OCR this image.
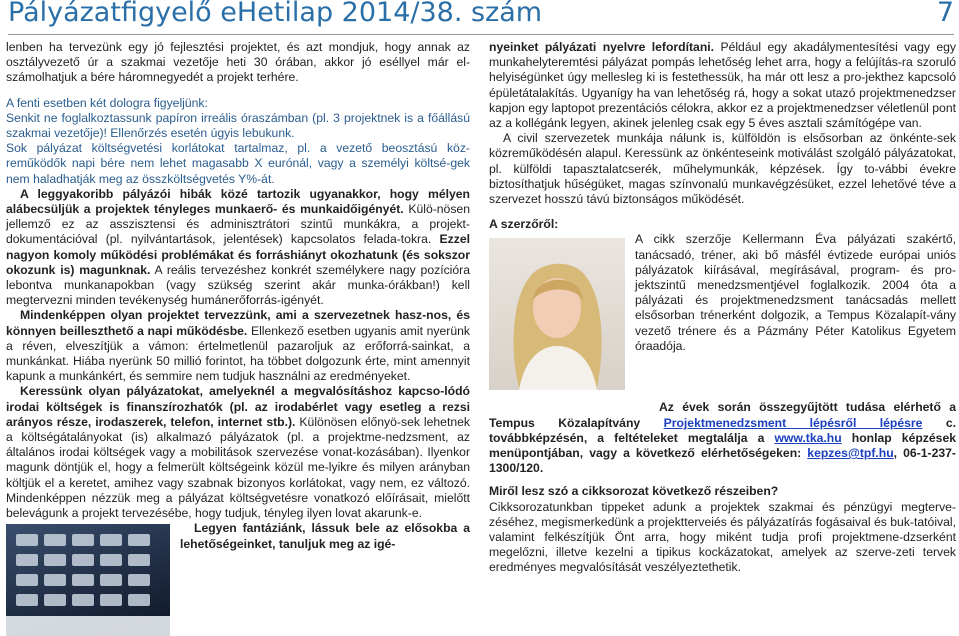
Pályázatfigyelő eHetilap 2014/38. szám	7

lenben ha tervezünk egy jó fejlesztési projektet, és azt mondjuk, hogy annak az osztályvezető úr a szakmai vezetője heti 30 órában, akkor jó eséllyel már el-számolhatjuk a bére háromnegyedét a projekt terhére.

A fenti esetben két dologra figyeljünk:

Senkit ne foglalkoztassunk papíron irreális óraszámban (pl. 3 projektnek is a főállású szakmai vezetője)! Ellenőrzés esetén úgyis lebukunk.

Sok pályázat költségvetési korlátokat tartalmaz, pl. a vezető beosztású köz-reműködők napi bére nem lehet magasabb X eurónál, vagy a személyi költsé-gek nem haladhatják meg az összköltségvetés Y%-át.

A leggyakoribb pályázói hibák közé tartozik ugyanakkor, hogy mélyen alábecsüljük a projektek tényleges munkaerő- és munkaidőigényét. Külö-nösen jellemző ez az asszisztensi és adminisztrátori szintű munkákra, a projekt-dokumentációval (pl. nyilvántartások, jelentések) kapcsolatos felada-tokra. Ezzel nagyon komoly működési problémákat és forráshiányt okozhatunk (és sokszor okozunk is) magunknak. A reális tervezéshez konkrét személykere nagy pozícióra lebontva munkanapokban (vagy szükség szerint akár munka-órákban!) kell megtervezni minden tevékenység humánerőforrás-igényét.

Mindenképpen olyan projektet tervezzünk, ami a szervezetnek hasz-nos, és könnyen beilleszthető a napi működésbe. Ellenkező esetben ugyanis amit nyerünk a réven, elveszítjük a vámon: értelmetlenül pazaroljuk az erőforrá-sainkat, a munkánkat. Hiába nyerünk 50 millió forintot, ha többet dolgozunk érte, mint amennyit kapunk a munkánkért, és semmire nem tudjuk használni az eredményeket.

Keressünk olyan pályázatokat, amelyeknél a megvalósításhoz kapcso-lódó irodai költségek is finanszírozhatók (pl. az irodabérlet vagy esetleg a rezsi arányos része, irodaszerek, telefon, internet stb.). Különösen előnyö-sek lehetnek a költségátalányokat (is) alkalmazó pályázatok (pl. a projektme-nedzsment, az általános irodai költségek vagy a mobilitások szervezése vonat-kozásában). Ilyenkor magunk döntjük el, hogy a felmerült költségeink közül me-lyikre és milyen arányban költjük el a keretet, amihez vagy szabnak bizonyos korlátokat, vagy nem, ez változó. Mindenképpen nézzük meg a pályázat költségvetésre vonatkozó előírásait, mielőtt belevágunk a projekt tervezésébe, hogy tudjuk, tényleg ilyen lovat akarunk-e.

Legyen fantáziánk, lássuk bele az elősokba a lehetőségeinket, tanuljuk meg az igé-

nyeinket pályázati nyelvre lefordítani. Például egy akadálymentesítési vagy egy munkahelyteremtési pályázat pompás lehetőség lehet arra, hogy a felújítás-ra szoruló helyiségünket úgy mellesleg ki is festethessük, ha már ott lesz a pro-jekthez kapcsoló épületátalakítás. Ugyanígy ha van lehetőség rá, hogy a sokat utazó projektmenedzser kapjon egy laptopot prezentációs célokra, akkor ez a projektmenedzser véletlenül pont az a kollégánk legyen, akinek jelenleg csak egy 5 éves asztali számítógépe van.

A civil szervezetek munkája nálunk is, külföldön is elsősorban az önkénte-sek közreműködésén alapul. Keressünk az önkénteseink motiválást szolgáló pályázatokat, pl. külföldi tapasztalatcserék, műhelymunkák, képzések. Így to-vábbi évekre biztosíthatjuk hűségüket, magas színvonalú munkavégzésüket, ezzel lehetővé téve a szervezet hosszú távú biztonságos működését.

A szerzőről:

A cikk szerzője Kellermann Éva pályázati szakértő, tanácsadó, tréner, aki bő másfél évtizede európai uniós pályázatok kiírásával, megírásával, program- és pro-jektszintű menedzsmentjével foglalkozik. 2004 óta a pályázati és projektmenedzsment tanácsadás mellett elsősorban trénerként dolgozik, a Tempus Közalapít-vány vezető trénere és a Pázmány Péter Katolikus Egyetem óraadója.

Az évek során összegyűjtött tudása elérhető a Tempus Közalapítvány Projektmenedzsment lépésről lépésre c. továbbképzésén, a feltételeket megtalálja a www.tka.hu honlap képzések menüpontjában, vagy a következő elérhetőségeken: kepzes@tpf.hu, 06-1-237-1300/120.

Miről lesz szó a cikksorozat következő részeiben?

Cikksorozatunkban tippeket adunk a projektek szakmai és pénzügyi megterve-zéséhez, megismerkedünk a projektterveiés és pályázatírás fogásaival és buk-tatóival, valamint felkészítjük Önt arra, hogy miként tudja profi projektmene-dzserként megelőzni, illetve kezelni a tipikus kockázatokat, amelyek az szerve-zeti tervek eredményes megvalósítását veszélyeztethetik.
